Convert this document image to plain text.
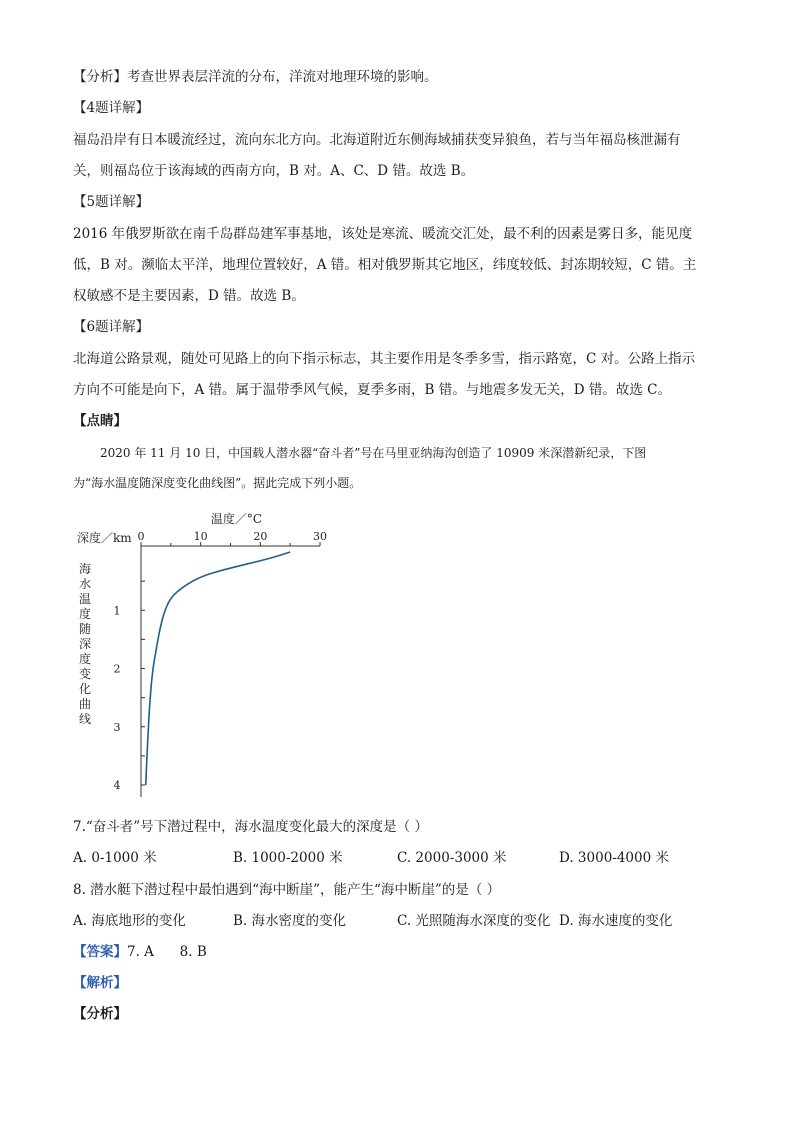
【分析】考查世界表层洋流的分布，洋流对地理环境的影响。
【4题详解】
福岛沿岸有日本暖流经过，流向东北方向。北海道附近东侧海域捕获变异狼鱼，若与当年福岛核泄漏有
关，则福岛位于该海域的西南方向，B 对。A、C、D 错。故选 B。
【5题详解】
2016 年俄罗斯欲在南千岛群岛建军事基地，该处是寒流、暖流交汇处，最不利的因素是雾日多，能见度
低，B 对。濒临太平洋，地理位置较好，A 错。相对俄罗斯其它地区，纬度较低、封冻期较短，C 错。主
权敏感不是主要因素，D 错。故选 B。
【6题详解】
北海道公路景观，随处可见路上的向下指示标志，其主要作用是冬季多雪，指示路宽，C 对。公路上指示
方向不可能是向下，A 错。属于温带季风气候，夏季多雨，B 错。与地震多发无关，D 错。故选 C。
【点睛】
2020 年 11 月 10 日，中国载人潜水器“奋斗者”号在马里亚纳海沟创造了 10909 米深潜新纪录，下图
为“海水温度随深度变化曲线图”。据此完成下列小题。
海
水
温
度
随
深
度
变
化
曲
线
0	10	20	30
1
2
3
4
温度／°C
深度／km
7.“奋斗者”号下潜过程中，海水温度变化最大的深度是（ ）
A. 0-1000 米	B. 1000-2000 米	C. 2000-3000 米	D. 3000-4000 米
8. 潜水艇下潜过程中最怕遇到“海中断崖”，能产生“海中断崖”的是（ ）
A. 海底地形的变化	B. 海水密度的变化	C. 光照随海水深度的变化 D. 海水速度的变化
【答案】7. A      8. B
【解析】
【分析】
